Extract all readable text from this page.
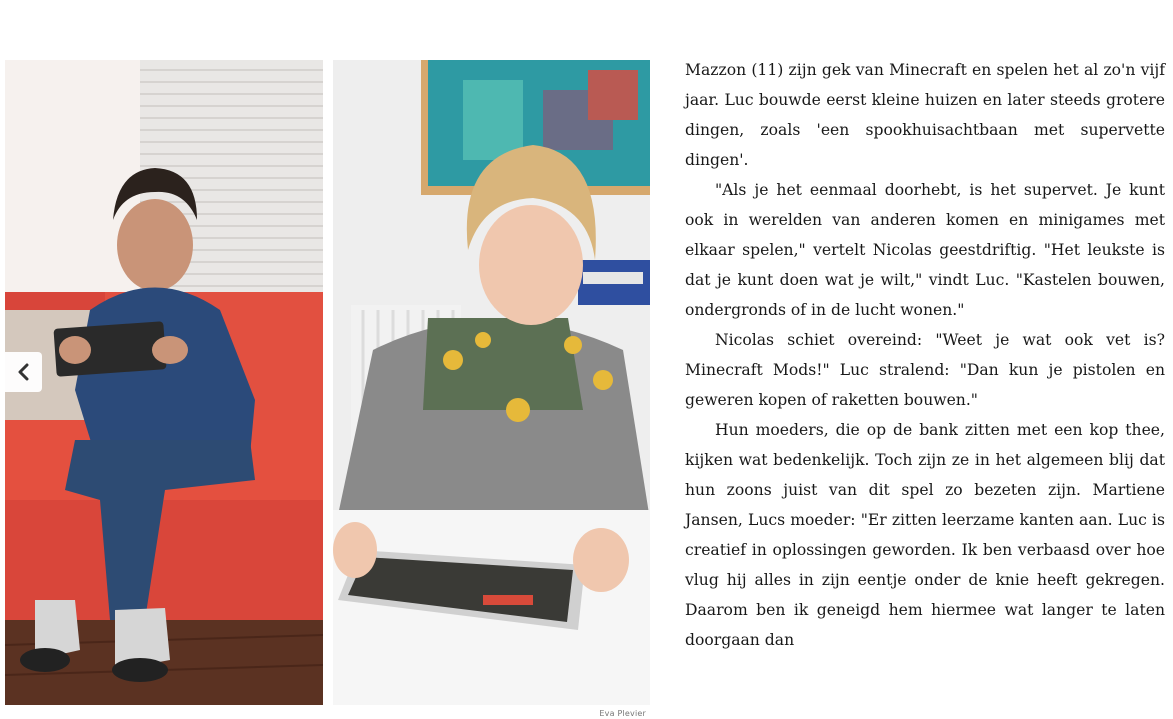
Eva Plevier

Mazzon (11) zijn gek van Minecraft en spelen het al zo'n vijf jaar. Luc bouwde eerst kleine huizen en later steeds grotere dingen, zoals 'een spookhuisachtbaan met supervette dingen'.

"Als je het eenmaal doorhebt, is het supervet. Je kunt ook in werelden van anderen komen en minigames met elkaar spelen," vertelt Nicolas geestdriftig. "Het leukste is dat je kunt doen wat je wilt," vindt Luc. "Kastelen bouwen, ondergronds of in de lucht wonen."

Nicolas schiet overeind: "Weet je wat ook vet is? Minecraft Mods!" Luc stralend: "Dan kun je pistolen en geweren kopen of raketten bouwen."

Hun moeders, die op de bank zitten met een kop thee, kijken wat bedenkelijk. Toch zijn ze in het algemeen blij dat hun zoons juist van dit spel zo bezeten zijn. Martiene Jansen, Lucs moeder: "Er zitten leerzame kanten aan. Luc is creatief in oplossingen geworden. Ik ben verbaasd over hoe vlug hij alles in zijn eentje onder de knie heeft gekregen. Daarom ben ik geneigd hem hiermee wat langer te laten doorgaan dan
